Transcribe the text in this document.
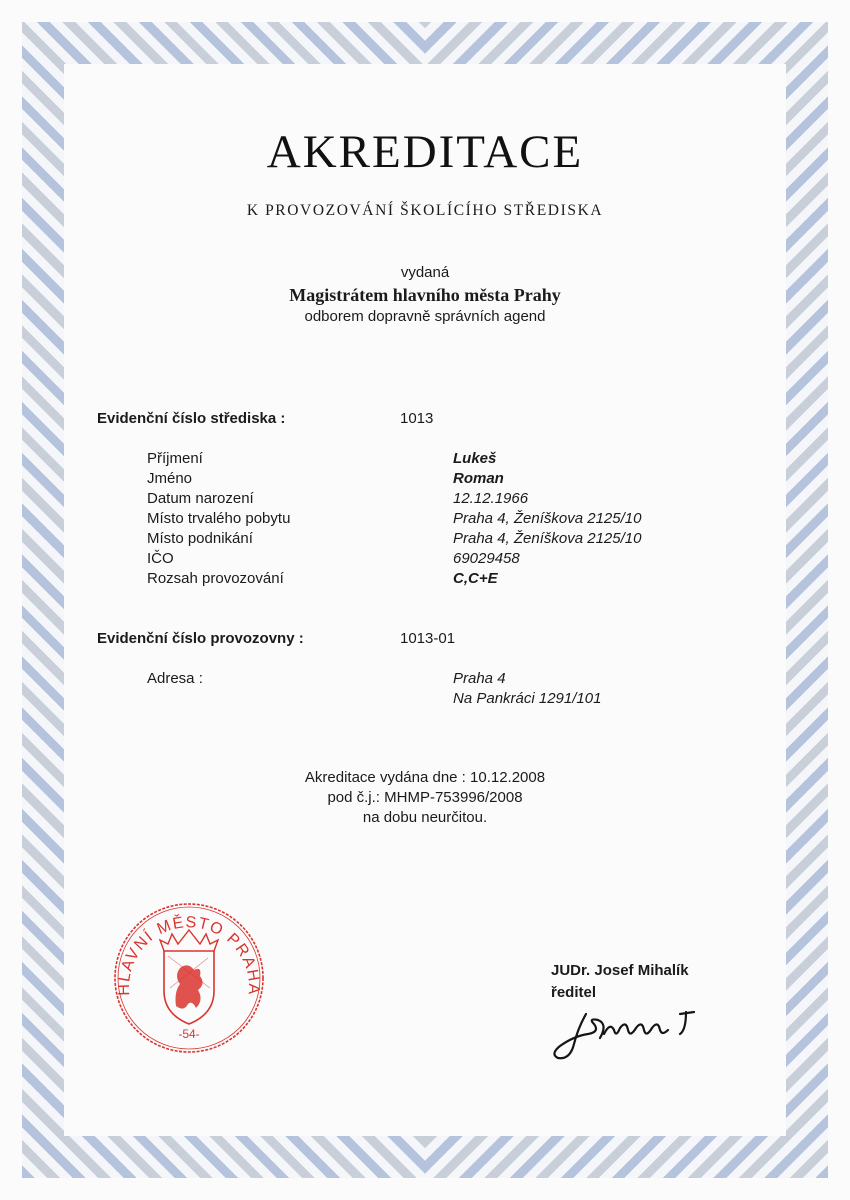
AKREDITACE
K PROVOZOVÁNÍ ŠKOLÍCÍHO STŘEDISKA
vydaná
Magistrátem hlavního města Prahy
odborem dopravně správních agend
Evidenční číslo střediska :	1013
Příjmení	Lukeš
Jméno	Roman
Datum narození	12.12.1966
Místo trvalého pobytu	Praha 4, Ženíškova 2125/10
Místo podnikání	Praha 4, Ženíškova 2125/10
IČO	69029458
Rozsah provozování	C,C+E
Evidenční číslo provozovny :	1013-01
Adresa :	Praha 4
Na Pankráci 1291/101
Akreditace vydána dne : 10.12.2008
pod č.j.: MHMP-753996/2008
na dobu neurčitou.
HLAVNÍ MĚSTO PRAHA
-54-
JUDr. Josef Mihalík
ředitel
